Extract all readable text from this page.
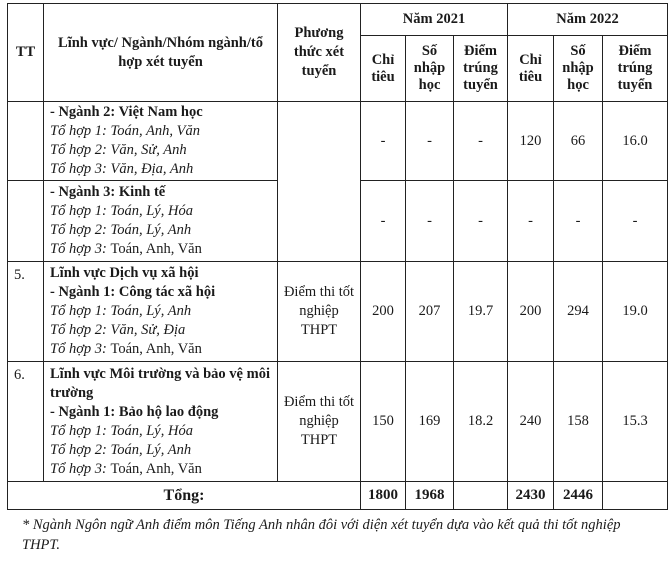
TT	Lĩnh vực/ Ngành/Nhóm ngành/tổ hợp xét tuyển	Phương thức xét tuyển	Năm 2021			Năm 2022		
			Chỉ tiêu	Số nhập học	Điểm trúng tuyển	Chỉ tiêu	Số nhập học	Điểm trúng tuyển

	- Ngành 2: Việt Nam học
Tổ hợp 1: Toán, Anh, Văn
Tổ hợp 2: Văn, Sử, Anh
Tổ hợp 3: Văn, Địa, Anh		-	-	-	120	66	16.0

	- Ngành 3: Kinh tế
Tổ hợp 1: Toán, Lý, Hóa
Tổ hợp 2: Toán, Lý, Anh
Tổ hợp 3: Toán, Anh, Văn		-	-	-	-	-	-
5.	Lĩnh vực Dịch vụ xã hội
- Ngành 1: Công tác xã hội
Tổ hợp 1: Toán, Lý, Anh
Tổ hợp 2: Văn, Sử, Địa
Tổ hợp 3: Toán, Anh, Văn	Điểm thi tốt nghiệp THPT	200	207	19.7	200	294	19.0
6.	Lĩnh vực Môi trường và bảo vệ môi trường
- Ngành 1: Bảo hộ lao động
Tổ hợp 1: Toán, Lý, Hóa
Tổ hợp 2: Toán, Lý, Anh
Tổ hợp 3: Toán, Anh, Văn	Điểm thi tốt nghiệp THPT	150	169	18.2	240	158	15.3
Tổng:			1800	1968		2430	2446	
* Ngành Ngôn ngữ Anh điểm môn Tiếng Anh nhân đôi với diện xét tuyển dựa vào kết quả thi tốt nghiệp THPT.
